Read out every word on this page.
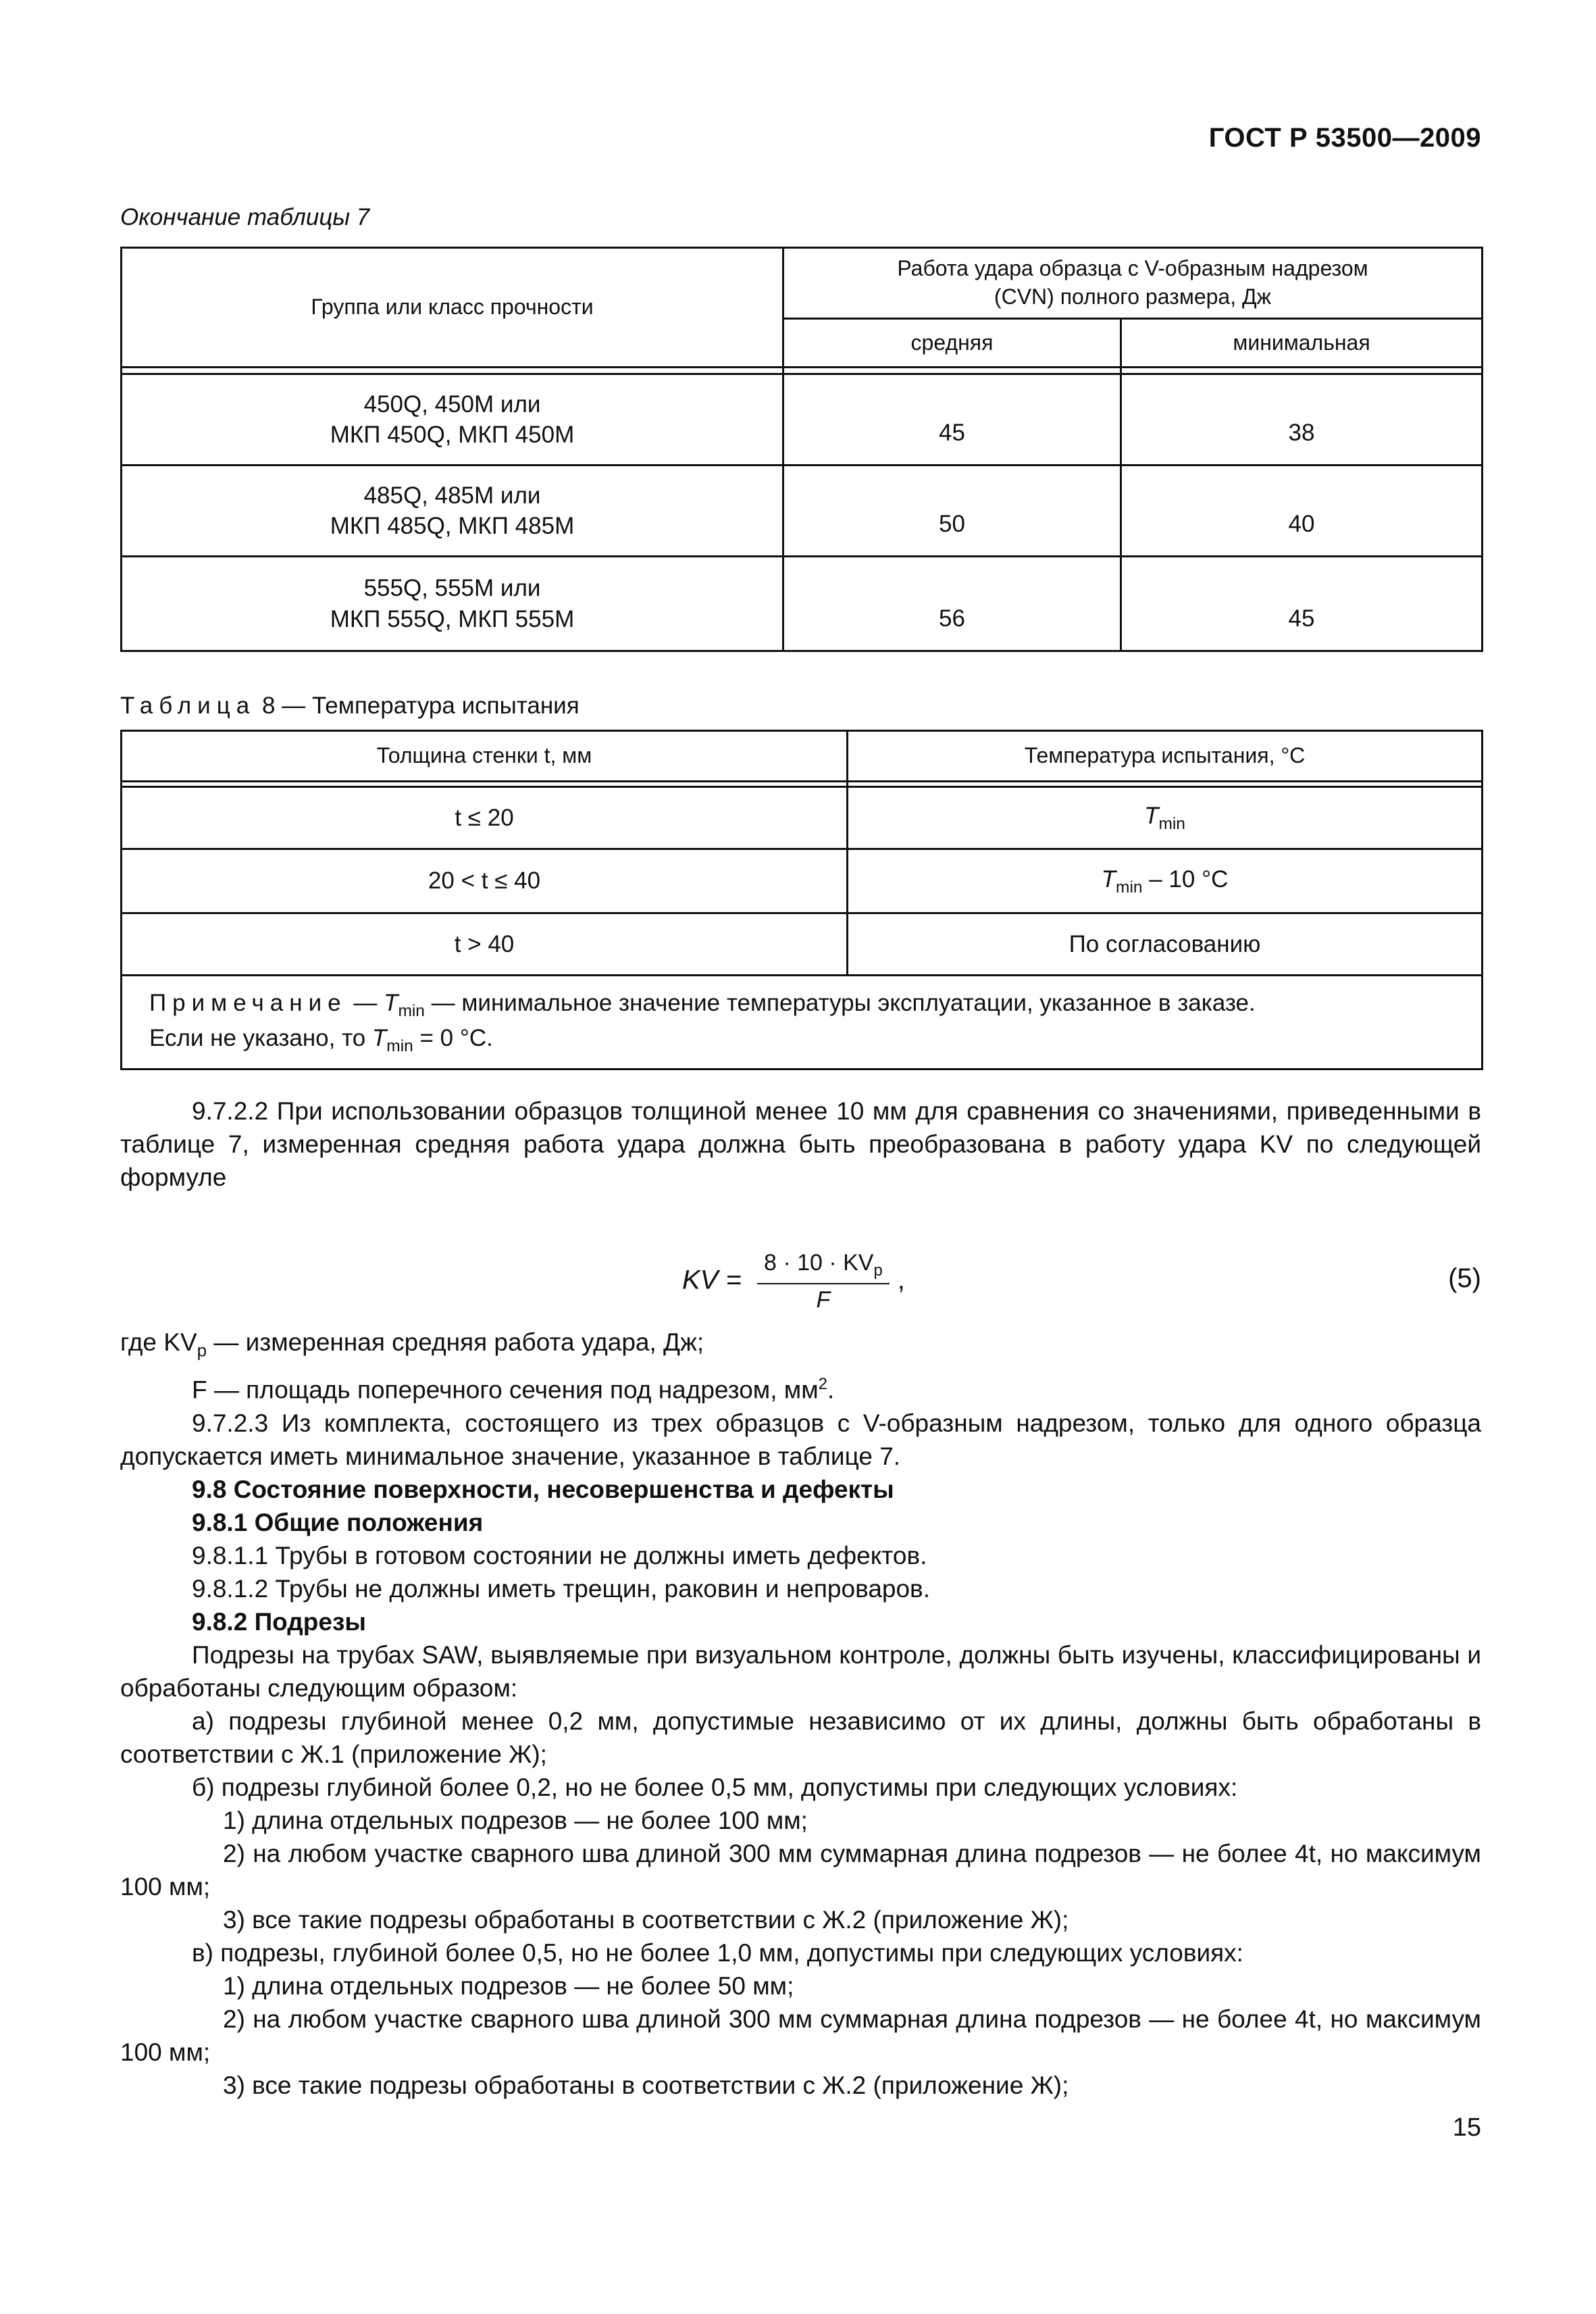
ГОСТ Р 53500—2009
Окончание таблицы 7
Группа или класс прочности	Работа удара образца с V-образным надрезом
(CVN) полного размера, Дж	
	средняя	минимальная

450Q, 450M или
МКП 450Q, МКП 450M	45	38
485Q, 485M или
МКП 485Q, МКП 485M	50	40
555Q, 555M или
МКП 555Q, МКП 555M	56	45
Таблица 8 — Температура испытания
Толщина стенки t, мм	Температура испытания, °С

t ≤ 20	$T_{min}$
20 < t ≤ 40	$T_{min} - 10$ °С
t > 40	По согласованию
Примечание — $T_{min}$ — минимальное значение температуры эксплуатации, указанное в заказе.
Если не указано, то $T_{min} = 0$ °С.	

9.7.2.2 При использовании образцов толщиной менее 10 мм для сравнения со значениями, приведенными в таблице 7, измеренная средняя работа удара должна быть преобразована в работу удара KV по следующей формуле

KV = $\frac{8 \cdot 10 \cdot KV_p}{F}$ ,	(5)

где $KV_p$ — измеренная средняя работа удара, Дж;

F — площадь поперечного сечения под надрезом, $мм^2$.

9.7.2.3 Из комплекта, состоящего из трех образцов с V-образным надрезом, только для одного образца допускается иметь минимальное значение, указанное в таблице 7.

9.8 Состояние поверхности, несовершенства и дефекты

9.8.1 Общие положения

9.8.1.1 Трубы в готовом состоянии не должны иметь дефектов.

9.8.1.2 Трубы не должны иметь трещин, раковин и непроваров.

9.8.2 Подрезы

Подрезы на трубах SAW, выявляемые при визуальном контроле, должны быть изучены, классифицированы и обработаны следующим образом:

а) подрезы глубиной менее 0,2 мм, допустимые независимо от их длины, должны быть обработаны в соответствии с Ж.1 (приложение Ж);

б) подрезы глубиной более 0,2, но не более 0,5 мм, допустимы при следующих условиях:

1) длина отдельных подрезов — не более 100 мм;

2) на любом участке сварного шва длиной 300 мм суммарная длина подрезов — не более 4t, но максимум 100 мм;

3) все такие подрезы обработаны в соответствии с Ж.2 (приложение Ж);

в) подрезы, глубиной более 0,5, но не более 1,0 мм, допустимы при следующих условиях:

1) длина отдельных подрезов — не более 50 мм;

2) на любом участке сварного шва длиной 300 мм суммарная длина подрезов — не более 4t, но максимум 100 мм;

3) все такие подрезы обработаны в соответствии с Ж.2 (приложение Ж);

15
